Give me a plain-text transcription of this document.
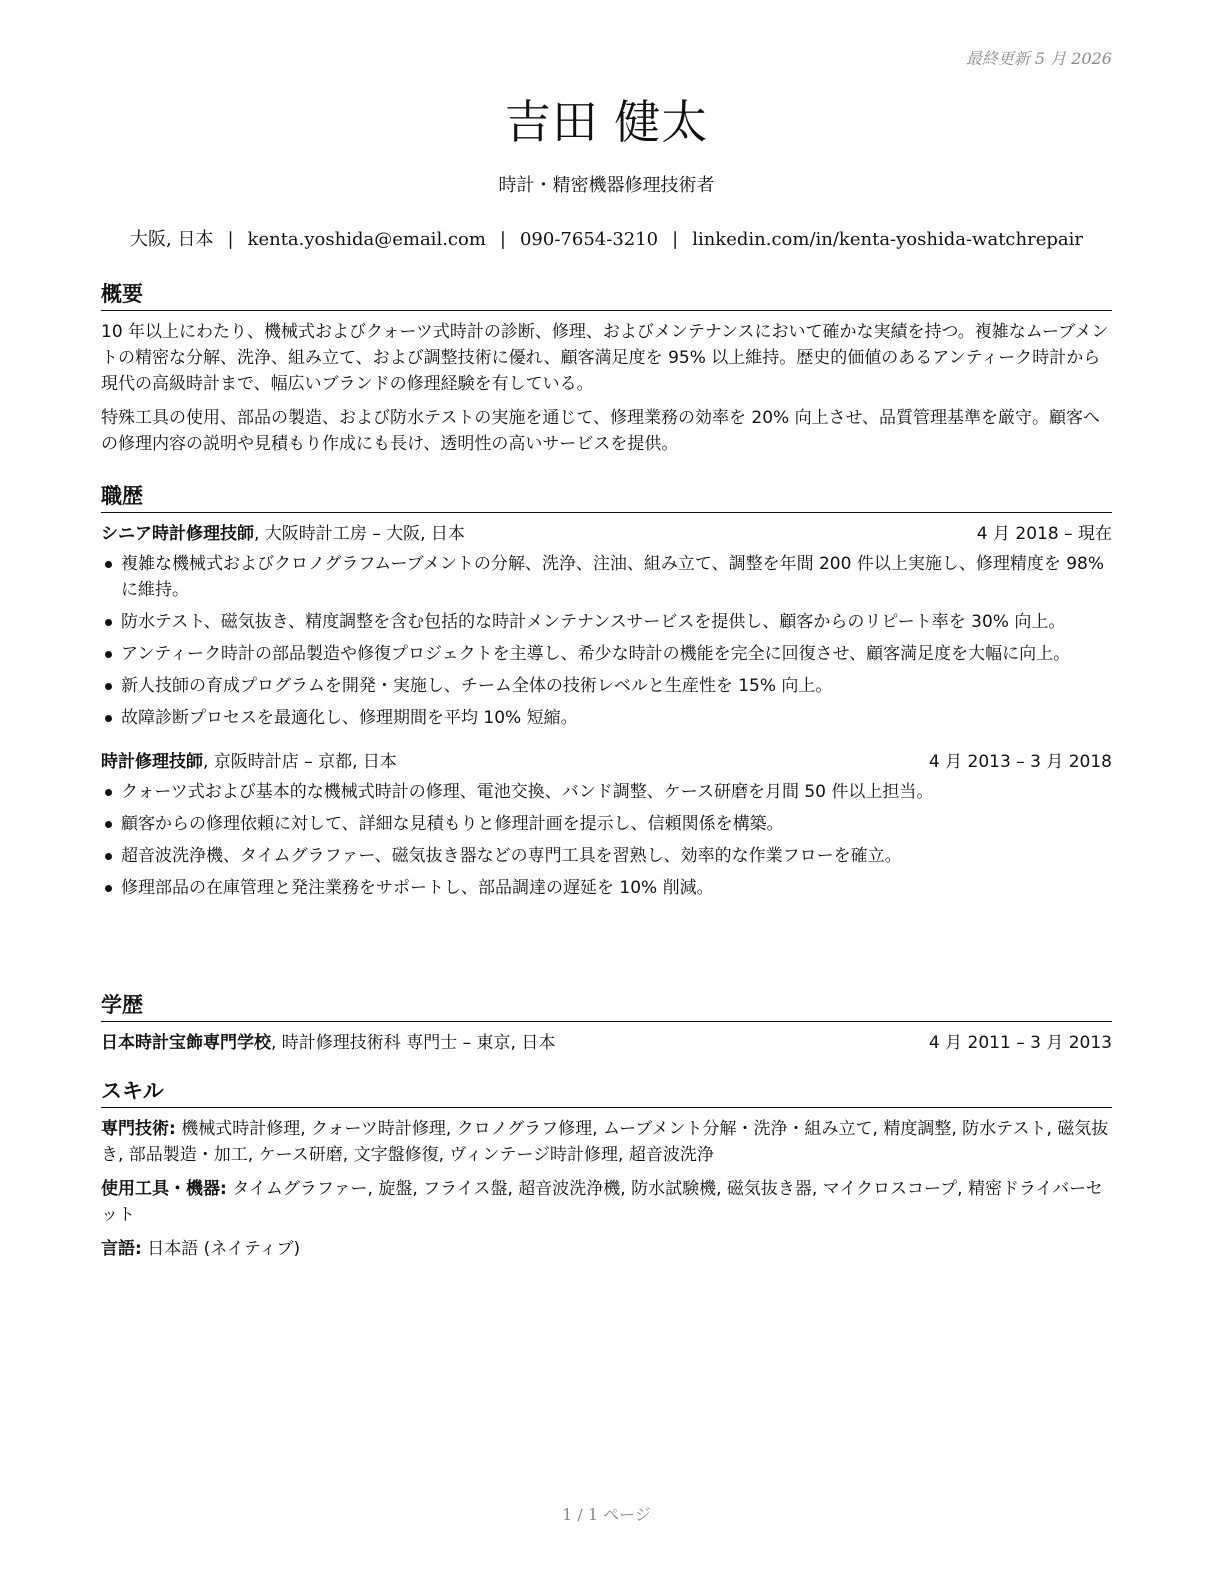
最終更新 5 月 2026
吉田 健太
時計・精密機器修理技術者
大阪, 日本 | kenta.yoshida@email.com | 090-7654-3210 | linkedin.com/in/kenta-yoshida-watchrepair
概要

10 年以上にわたり、機械式およびクォーツ式時計の診断、修理、およびメンテナンスにおいて確かな実績を持つ。複雑なムーブメントの精密な分解、洗浄、組み立て、および調整技術に優れ、顧客満足度を 95% 以上維持。歴史的価値のあるアンティーク時計から現代の高級時計まで、幅広いブランドの修理経験を有している。

特殊工具の使用、部品の製造、および防水テストの実施を通じて、修理業務の効率を 20% 向上させ、品質管理基準を厳守。顧客への修理内容の説明や見積もり作成にも長け、透明性の高いサービスを提供。

職歴
シニア時計修理技師, 大阪時計工房 – 大阪, 日本	4 月 2018 – 現在
複雑な機械式およびクロノグラフムーブメントの分解、洗浄、注油、組み立て、調整を年間 200 件以上実施し、修理精度を 98% に維持。
防水テスト、磁気抜き、精度調整を含む包括的な時計メンテナンスサービスを提供し、顧客からのリピート率を 30% 向上。
アンティーク時計の部品製造や修復プロジェクトを主導し、希少な時計の機能を完全に回復させ、顧客満足度を大幅に向上。
新人技師の育成プログラムを開発・実施し、チーム全体の技術レベルと生産性を 15% 向上。
故障診断プロセスを最適化し、修理期間を平均 10% 短縮。
時計修理技師, 京阪時計店 – 京都, 日本	4 月 2013 – 3 月 2018
クォーツ式および基本的な機械式時計の修理、電池交換、バンド調整、ケース研磨を月間 50 件以上担当。
顧客からの修理依頼に対して、詳細な見積もりと修理計画を提示し、信頼関係を構築。
超音波洗浄機、タイムグラファー、磁気抜き器などの専門工具を習熟し、効率的な作業フローを確立。
修理部品の在庫管理と発注業務をサポートし、部品調達の遅延を 10% 削減。
学歴
日本時計宝飾専門学校, 時計修理技術科 専門士 – 東京, 日本	4 月 2011 – 3 月 2013
スキル

専門技術: 機械式時計修理, クォーツ時計修理, クロノグラフ修理, ムーブメント分解・洗浄・組み立て, 精度調整, 防水テスト, 磁気抜き, 部品製造・加工, ケース研磨, 文字盤修復, ヴィンテージ時計修理, 超音波洗浄

使用工具・機器: タイムグラファー, 旋盤, フライス盤, 超音波洗浄機, 防水試験機, 磁気抜き器, マイクロスコープ, 精密ドライバーセット

言語: 日本語 (ネイティブ)

1 / 1 ページ
